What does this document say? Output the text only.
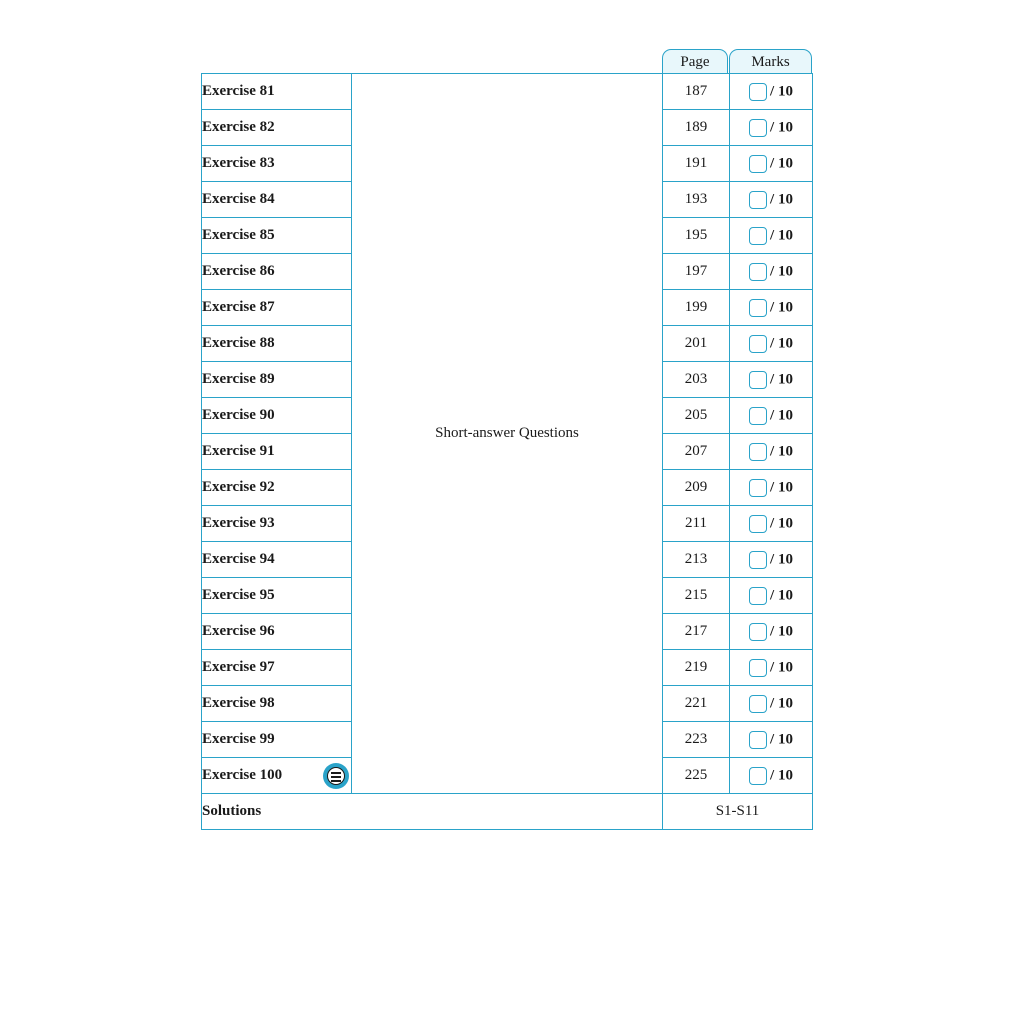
Page	Marks
Exercise 81	Short-answer Questions	187	/ 10
Exercise 82		189	/ 10
Exercise 83		191	/ 10
Exercise 84		193	/ 10
Exercise 85		195	/ 10
Exercise 86		197	/ 10
Exercise 87		199	/ 10
Exercise 88		201	/ 10
Exercise 89		203	/ 10
Exercise 90		205	/ 10
Exercise 91		207	/ 10
Exercise 92		209	/ 10
Exercise 93		211	/ 10
Exercise 94		213	/ 10
Exercise 95		215	/ 10
Exercise 96		217	/ 10
Exercise 97		219	/ 10
Exercise 98		221	/ 10
Exercise 99		223	/ 10
Exercise 100		225	/ 10
Solutions		S1-S11	
